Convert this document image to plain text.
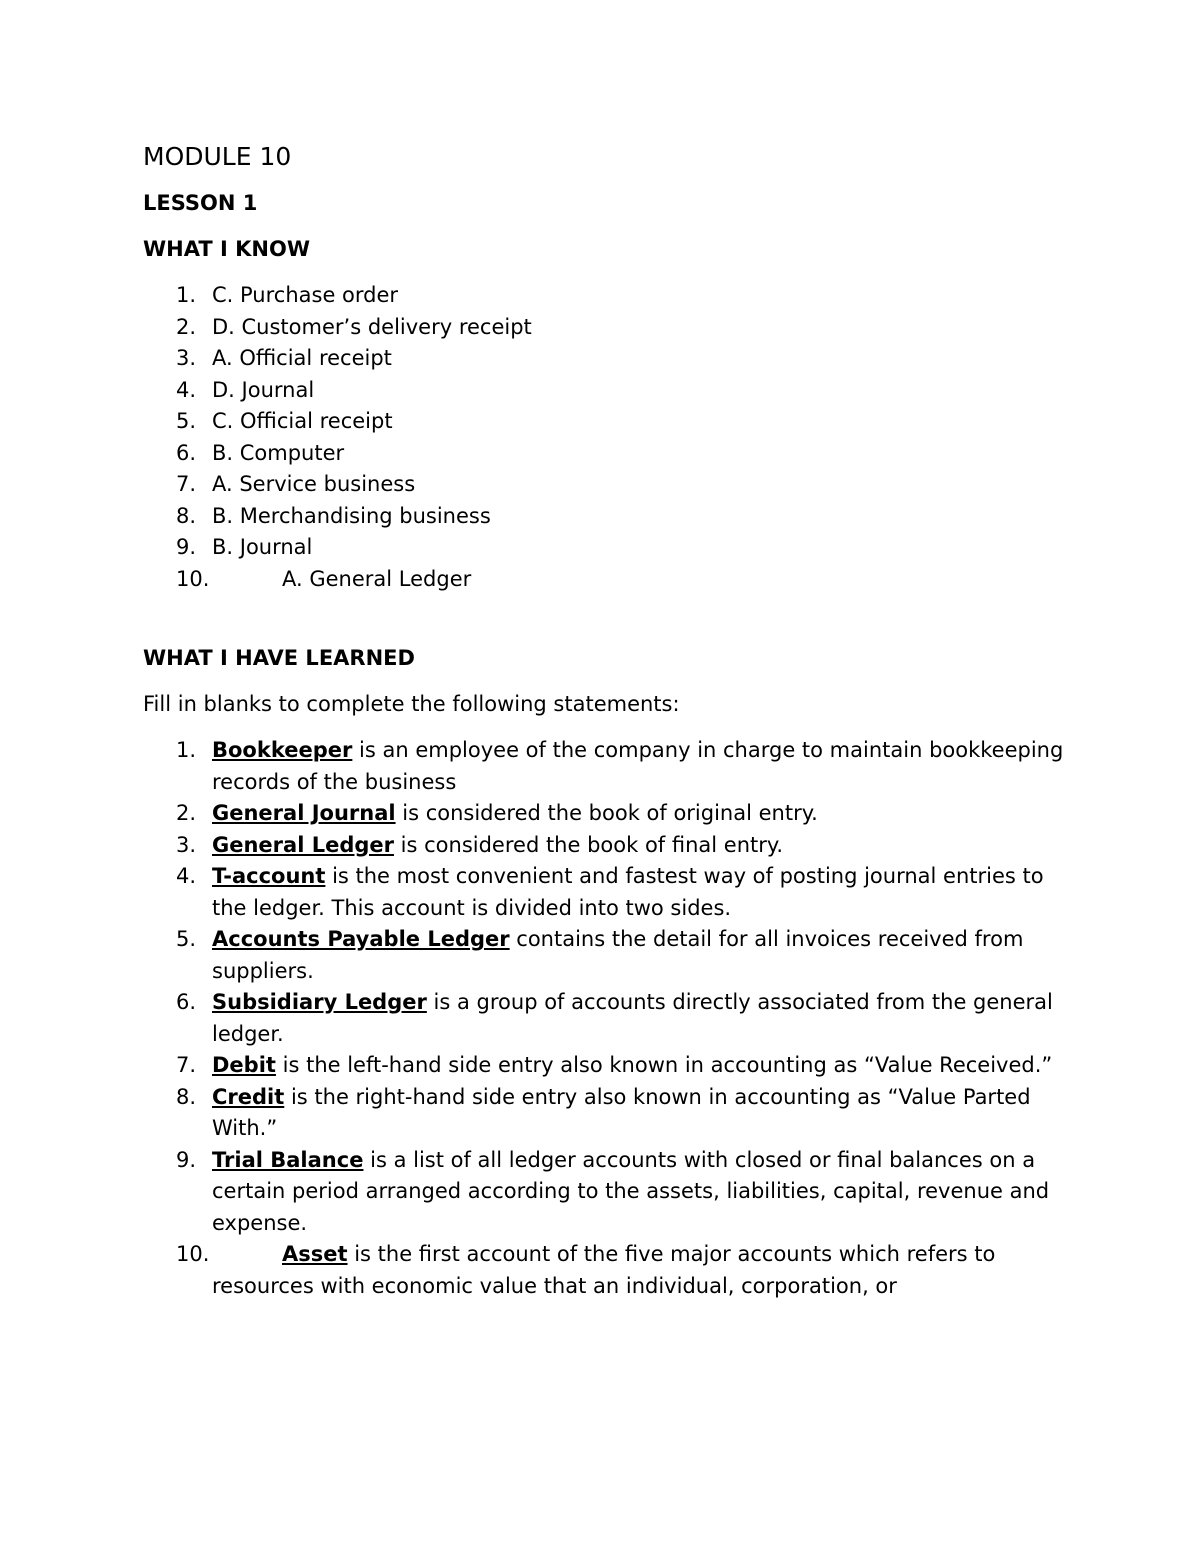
MODULE 10
LESSON 1
WHAT I KNOW
1. C. Purchase order
2. D. Customer’s delivery receipt
3. A. Official receipt
4. D. Journal
5. C. Official receipt
6. B. Computer
7. A. Service business
8. B. Merchandising business
9. B. Journal
10.	A. General Ledger
WHAT I HAVE LEARNED
Fill in blanks to complete the following statements:
1. Bookkeeper is an employee of the company in charge to maintain bookkeeping records of the business
2. General Journal is considered the book of original entry.
3. General Ledger is considered the book of final entry.
4. T-account is the most convenient and fastest way of posting journal entries to the ledger. This account is divided into two sides.
5. Accounts Payable Ledger contains the detail for all invoices received from suppliers.
6. Subsidiary Ledger is a group of accounts directly associated from the general ledger.
7. Debit is the left-hand side entry also known in accounting as “Value Received.”
8. Credit is the right-hand side entry also known in accounting as “Value Parted With.”
9. Trial Balance is a list of all ledger accounts with closed or final balances on a certain period arranged according to the assets, liabilities, capital, revenue and expense.
10.	Asset is the first account of the five major accounts which refers to resources with economic value that an individual, corporation, or
